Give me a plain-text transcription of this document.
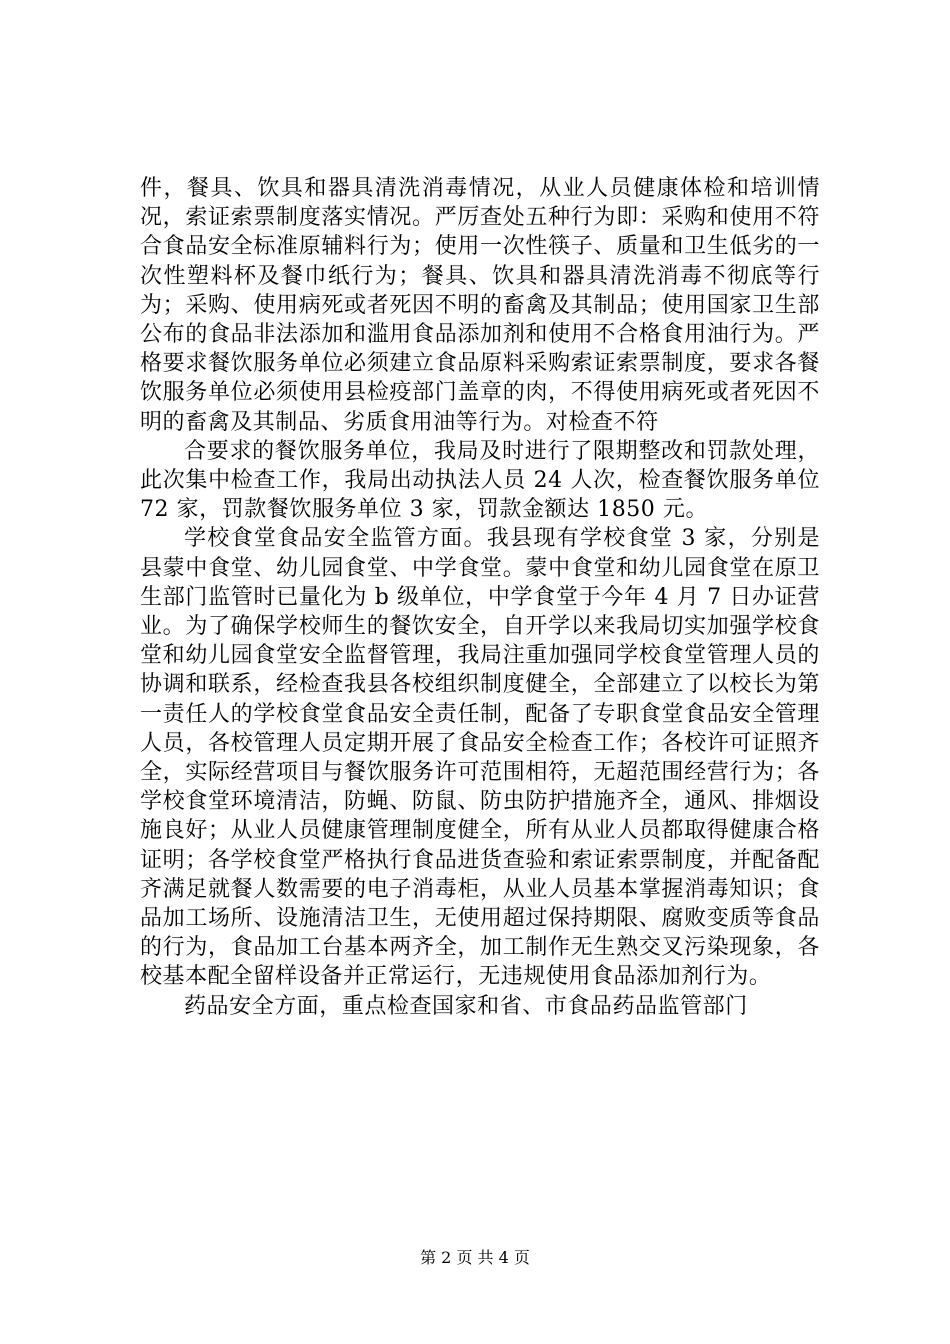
件，餐具、饮具和器具清洗消毒情况，从业人员健康体检和培训情况，索证索票制度落实情况。严厉查处五种行为即：采购和使用不符合食品安全标准原辅料行为；使用一次性筷子、质量和卫生低劣的一次性塑料杯及餐巾纸行为；餐具、饮具和器具清洗消毒不彻底等行为；采购、使用病死或者死因不明的畜禽及其制品；使用国家卫生部公布的食品非法添加和滥用食品添加剂和使用不合格食用油行为。严格要求餐饮服务单位必须建立食品原料采购索证索票制度，要求各餐饮服务单位必须使用县检疫部门盖章的肉，不得使用病死或者死因不明的畜禽及其制品、劣质食用油等行为。对检查不符

合要求的餐饮服务单位，我局及时进行了限期整改和罚款处理，此次集中检查工作，我局出动执法人员 24 人次，检查餐饮服务单位 72 家，罚款餐饮服务单位 3 家，罚款金额达 1850 元。

学校食堂食品安全监管方面。我县现有学校食堂 3 家，分别是县蒙中食堂、幼儿园食堂、中学食堂。蒙中食堂和幼儿园食堂在原卫生部门监管时已量化为 b 级单位，中学食堂于今年 4 月 7 日办证营业。为了确保学校师生的餐饮安全，自开学以来我局切实加强学校食堂和幼儿园食堂安全监督管理，我局注重加强同学校食堂管理人员的协调和联系，经检查我县各校组织制度健全，全部建立了以校长为第一责任人的学校食堂食品安全责任制，配备了专职食堂食品安全管理人员，各校管理人员定期开展了食品安全检查工作；各校许可证照齐全，实际经营项目与餐饮服务许可范围相符，无超范围经营行为；各学校食堂环境清洁，防蝇、防鼠、防虫防护措施齐全，通风、排烟设施良好；从业人员健康管理制度健全，所有从业人员都取得健康合格证明；各学校食堂严格执行食品进货查验和索证索票制度，并配备配齐满足就餐人数需要的电子消毒柜，从业人员基本掌握消毒知识；食品加工场所、设施清洁卫生，无使用超过保持期限、腐败变质等食品的行为，食品加工台基本两齐全，加工制作无生熟交叉污染现象，各校基本配全留样设备并正常运行，无违规使用食品添加剂行为。

药品安全方面，重点检查国家和省、市食品药品监管部门

第 2 页 共 4 页
